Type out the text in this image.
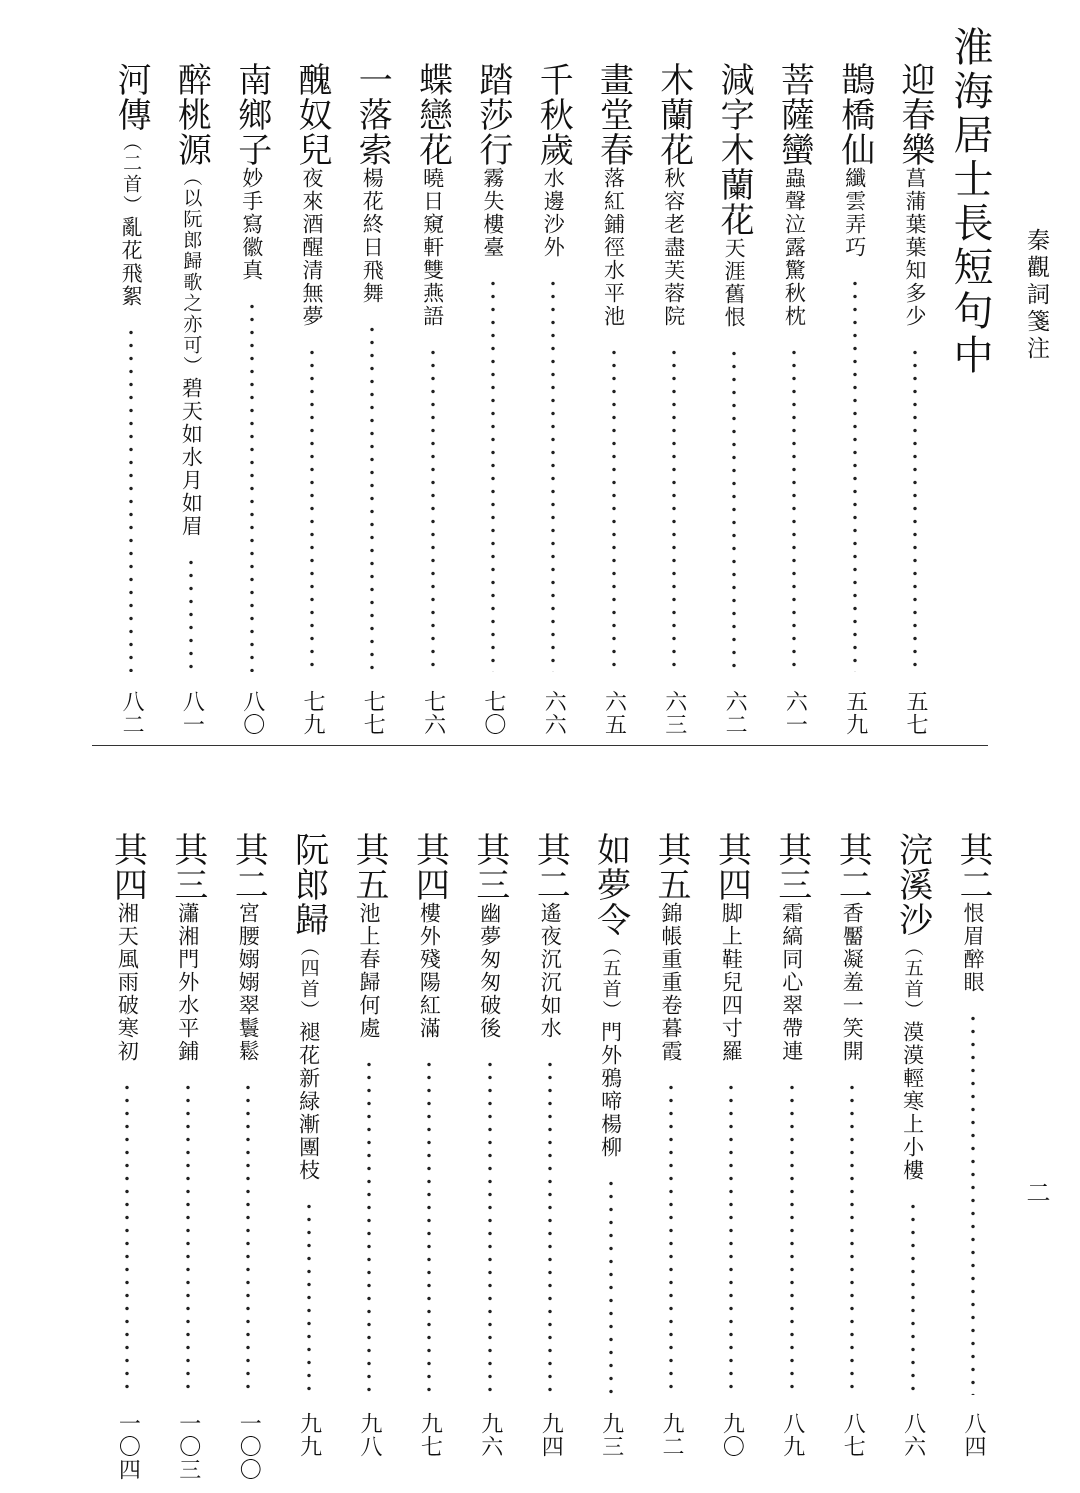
秦觀詞箋注
二
淮海居士長短句中
迎春樂菖蒲葉葉知多少
五七
鵲橋仙纖雲弄巧
五九
菩薩蠻蟲聲泣露驚秋枕
六一
減字木蘭花天涯舊恨
六二
木蘭花秋容老盡芙蓉院
六三
畫堂春落紅鋪徑水平池
六五
千秋歲水邊沙外
六六
踏莎行霧失樓臺
七〇
蝶戀花曉日窺軒雙燕語
七六
一落索楊花終日飛舞
七七
醜奴兒夜來酒醒清無夢
七九
南鄉子妙手寫徽真
八〇
醉桃源（以阮郎歸歌之亦可）碧天如水月如眉
八一
河傳（二首）亂花飛絮
八二
其二恨眉醉眼
八四
浣溪沙（五首）漠漠輕寒上小樓
八六
其二香靨凝羞一笑開
八七
其三霜縞同心翠帶連
八九
其四脚上鞋兒四寸羅
九〇
其五錦帳重重卷暮霞
九二
如夢令（五首）門外鴉啼楊柳
九三
其二遙夜沉沉如水
九四
其三幽夢匆匆破後
九六
其四樓外殘陽紅滿
九七
其五池上春歸何處
九八
阮郎歸（四首）褪花新緑漸團枝
九九
其二宮腰嫋嫋翠鬟鬆
一〇〇
其三瀟湘門外水平鋪
一〇三
其四湘天風雨破寒初
一〇四
